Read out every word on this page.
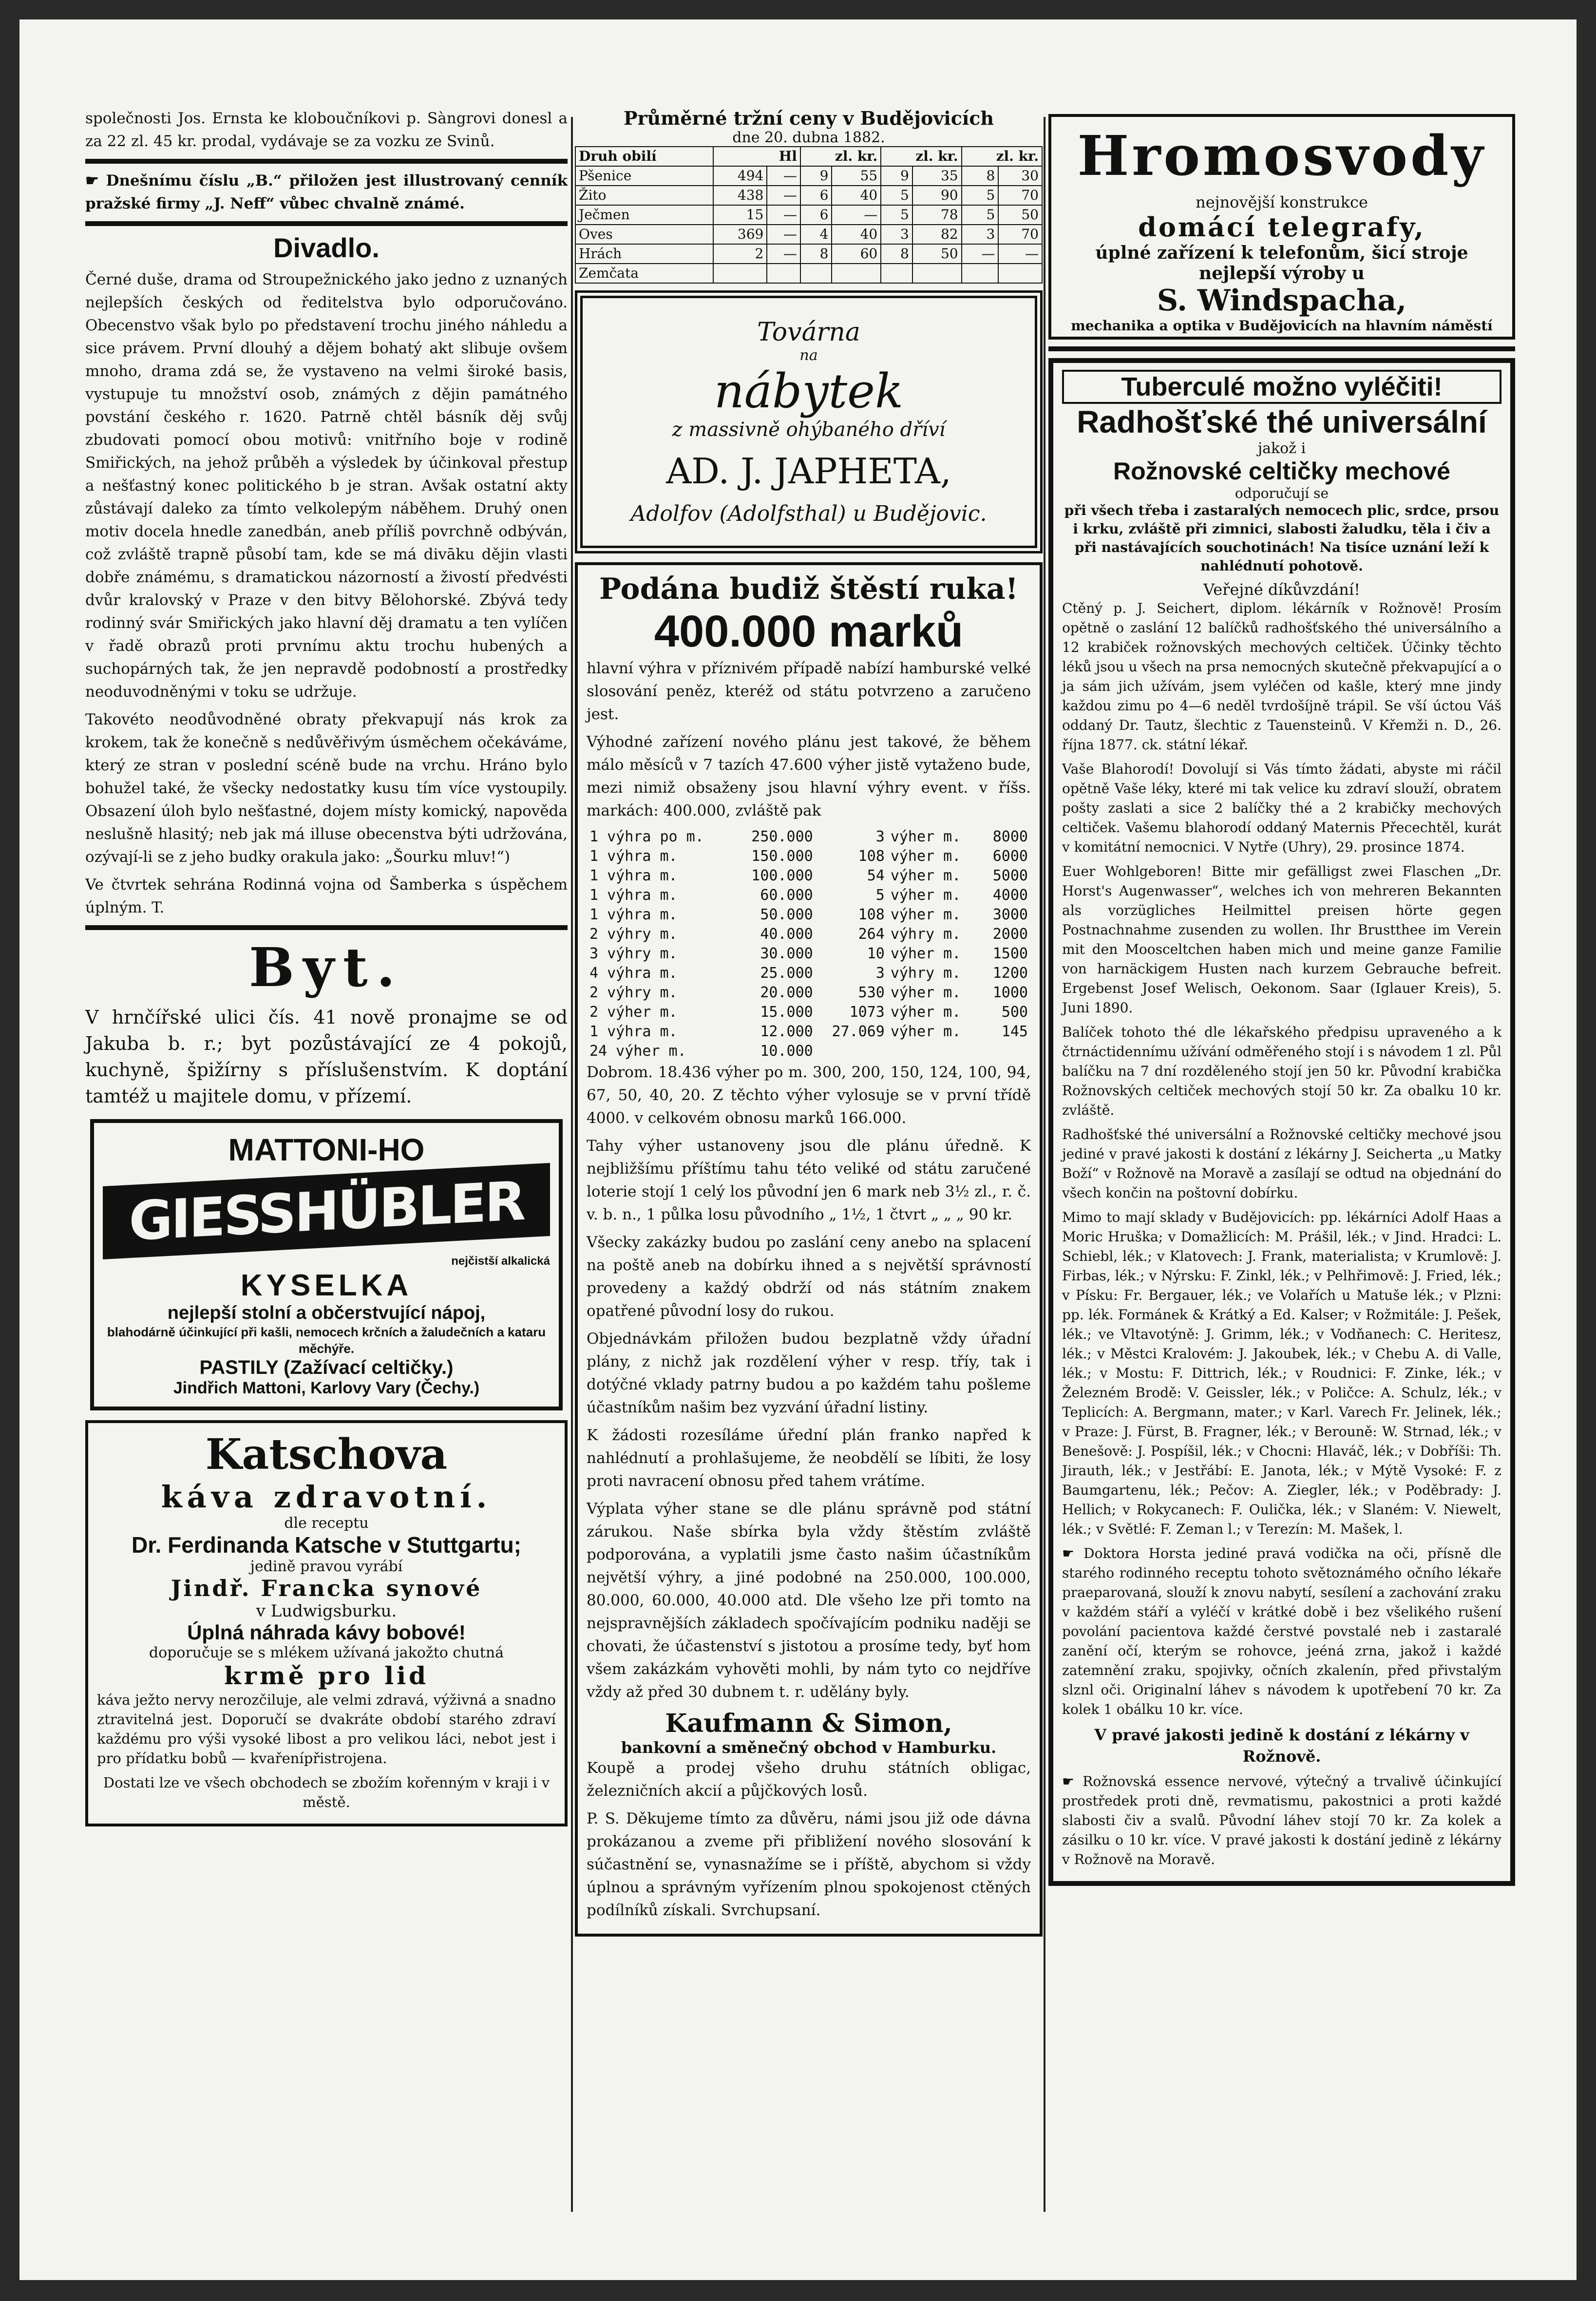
společnosti Jos. Ernsta ke kloboučníkovi p. Sàngrovi donesl a za 22 zl. 45 kr. prodal, vydávaje se za vozku ze Svinů.

☛ Dnešnímu číslu „B.“ přiložen jest illustrovaný cenník pražské firmy „J. Neff“ vůbec chvalně známé.

Divadlo.

Černé duše, drama od Stroupežnického jako jedno z uznaných nejlepších českých od ředitelstva bylo odporučováno. Obecenstvo však bylo po představení trochu jiného náhledu a sice právem. První dlouhý a dějem bohatý akt slibuje ovšem mnoho, drama zdá se, že vystaveno na velmi široké basis, vystupuje tu množství osob, známých z dějin památného povstání českého r. 1620. Patrně chtěl básník děj svůj zbudovati pomocí obou motivů: vnitřního boje v rodině Smiřických, na jehož průběh a výsledek by účinkoval přestup a nešťastný konec politického b je stran. Avšak ostatní akty zůstávají daleko za tímto velkolepým náběhem. Druhý onen motiv docela hnedle zanedbán, aneb příliš povrchně odbýván, což zvláště trapně působí tam, kde se má divāku dějin vlasti dobře známému, s dramatickou názorností a živostí předvésti dvůr kralovský v Praze v den bitvy Bělohorské. Zbývá tedy rodinný svár Smiřických jako hlavní děj dramatu a ten vylíčen v řadě obrazů proti prvnímu aktu trochu hubených a suchopárných tak, že jen nepravdě podobností a prostředky neoduvodněnými v toku se udržuje.

Takovéto neodůvodněné obraty překvapují nás krok za krokem, tak že konečně s nedůvěřivým úsměchem očekáváme, který ze stran v poslední scéně bude na vrchu. Hráno bylo bohužel také, že všecky nedostatky kusu tím více vystoupily. Obsazení úloh bylo nešťastné, dojem místy komický, napověda neslušně hlasitý; neb jak má illuse obecenstva býti udržována, ozývají-li se z jeho budky orakula jako: „Šourku mluv!“)

Ve čtvrtek sehrána Rodinná vojna od Šamberka s úspěchem úplným. T.

Byt.

V hrnčířské ulici čís. 41 nově pronajme se od Jakuba b. r.; byt pozůstávající ze 4 pokojů, kuchyně, špižírny s příslušenstvím. K doptání tamtéž u majitele domu, v přízemí.

MATTONI-HO
GIESSHÜBLER
nejčistší alkalická
KYSELKA
nejlepší stolní a občerstvující nápoj,
blahodárně účinkující při kašli, nemocech krčních a žaludečních a kataru měchýře.
PASTILY (Zažívací celtičky.)
Jindřich Mattoni, Karlovy Vary (Čechy.)
Katschova
káva zdravotní.
dle receptu
Dr. Ferdinanda Katsche v Stuttgartu;
jedině pravou vyrábí
Jindř. Francka synové
v Ludwigsburku.
Úplná náhrada kávy bobové!
doporučuje se s mlékem užívaná jakožto chutná
krmě pro lid

káva ježto nervy nerozčiluje, ale velmi zdravá, výživná a snadno ztravitelná jest. Doporučí se dvakráte období starého zdraví každému pro výši vysoké libost a pro velikou láci, nebot jest i pro přídatku bobů — kvařenípřistrojena.

Dostati lze ve všech obchodech se zbožím kořenným v kraji i v městě.

Průměrné tržní ceny v Budějovicích
dne 20. dubna 1882.
Druh obilí	Hl		zl. kr.		zl. kr.		zl. kr.	
Pšenice	494	—	9	55	9	35	8	30
Žito	438	—	6	40	5	90	5	70
Ječmen	15	—	6	—	5	78	5	50
Oves	369	—	4	40	3	82	3	70
Hrách	2	—	8	60	8	50	—	—
Zemčata								
Továrna
na
nábytek
z massivně ohýbaného dříví
AD. J. JAPHETA,
Adolfov (Adolfsthal) u Budějovic.
Podána budiž štěstí ruka!
400.000 marků

hlavní výhra v příznivém případě nabízí hamburské velké slosování peněz, kteréž od státu potvrzeno a zaručeno jest.

Výhodné zařízení nového plánu jest takové, že během málo měsíců v 7 tazích 47.600 výher jistě vytaženo bude, mezi nimiž obsaženy jsou hlavní výhry event. v říšs. markách: 400.000, zvláště pak

1 výhra po m.	250.000	3	výher m.	8000
1 výhra m.	150.000	108	výher m.	6000
1 výhra m.	100.000	54	výher m.	5000
1 výhra m.	60.000	5	výher m.	4000
1 výhra m.	50.000	108	výher m.	3000
2 výhry m.	40.000	264	výhry m.	2000
3 výhry m.	30.000	10	výher m.	1500
4 výhra m.	25.000	3	výhry m.	1200
2 výhry m.	20.000	530	výher m.	1000
2 výher m.	15.000	1073	výher m.	500
1 výhra m.	12.000	27.069	výher m.	145
24 výher m.	10.000			

Dobrom. 18.436 výher po m. 300, 200, 150, 124, 100, 94, 67, 50, 40, 20. Z těchto výher vylosuje se v první třídě 4000. v celkovém obnosu marků 166.000.

Tahy výher ustanoveny jsou dle plánu úředně. K nejbližšímu příštímu tahu této veliké od státu zaručené loterie stojí 1 celý los původní jen 6 mark neb 3½ zl., r. č. v. b. n., 1 půlka losu původního „ 1½, 1 čtvrt „ „ „ 90 kr.

Všecky zakázky budou po zaslání ceny anebo na splacení na poště aneb na dobírku ihned a s největší správností provedeny a každý obdrží od nás státním znakem opatřené původní losy do rukou.

Objednávkám přiložen budou bezplatně vždy úřadní plány, z nichž jak rozdělení výher v resp. tříy, tak i dotýčné vklady patrny budou a po každém tahu pošleme účastníkům našim bez vyzvání úřadní listiny.

K žádosti rozesíláme úřední plán franko napřed k nahlédnutí a prohlašujeme, že neobdělí se líbiti, že losy proti navracení obnosu před tahem vrátíme.

Výplata výher stane se dle plánu správně pod státní zárukou. Naše sbírka byla vždy štěstím zvláště podporována, a vyplatili jsme často našim účastníkům největší výhry, a jiné podobné na 250.000, 100.000, 80.000, 60.000, 40.000 atd. Dle všeho lze při tomto na nejspravnějších základech spočívajícím podniku naději se chovati, že účastenství s jistotou a prosíme tedy, byť hom všem zakázkám vyhověti mohli, by nám tyto co nejdříve vždy až před 30 dubnem t. r. udělány byly.

Kaufmann & Simon,
bankovní a směnečný obchod v Hamburku.

Koupě a prodej všeho druhu státních obligac, železničních akcií a půjčkových losů.

P. S. Děkujeme tímto za důvěru, námi jsou již ode dávna prokázanou a zveme při přibližení nového slosování k súčastnění se, vynasnažíme se i příště, abychom si vždy úplnou a správným vyřízením plnou spokojenost ctěných podílníků získali. Svrchupsaní.

Hromosvody
nejnovější konstrukce
domácí telegrafy,
úplné zařízení k telefonům, šicí stroje nejlepší výroby u
S. Windspacha,
mechanika a optika v Budějovicích na hlavním náměstí
Tuberculé možno vyléčiti!
Radhošťské thé universální
jakož i
Rožnovské celtičky mechové
odporučují se

při všech třeba i zastaralých nemocech plic, srdce, prsou i krku, zvláště při zimnici, slabosti žaludku, těla i čiv a při nastávajících souchotinách! Na tisíce uznání leží k nahlédnutí pohotově.

Veřejné díkůvzdání!

Ctěný p. J. Seichert, diplom. lékárník v Rožnově! Prosím opětně o zaslání 12 balíčků radhošťského thé universálního a 12 krabiček rožnovských mechových celtiček. Účinky těchto léků jsou u všech na prsa nemocných skutečně překvapující a o ja sám jich užívám, jsem vyléčen od kašle, který mne jindy každou zimu po 4—6 neděl tvrdošíjně trápil. Se vší úctou Váš oddaný Dr. Tautz, šlechtic z Tauensteinů. V Křemži n. D., 26. října 1877. ck. státní lékař.

Vaše Blahorodí! Dovolují si Vás tímto žádati, abyste mi ráčil opětně Vaše léky, které mi tak velice ku zdraví slouží, obratem pošty zaslati a sice 2 balíčky thé a 2 krabičky mechových celtiček. Vašemu blahorodí oddaný Maternis Přecechtěl, kurát v komitátní nemocnici. V Nytře (Uhry), 29. prosince 1874.

Euer Wohlgeboren! Bitte mir gefälligst zwei Flaschen „Dr. Horst's Augenwasser“, welches ich von mehreren Bekannten als vorzügliches Heilmittel preisen hörte gegen Postnachnahme zusenden zu wollen. Ihr Brustthee im Verein mit den Moosceltchen haben mich und meine ganze Familie von harnäckigem Husten nach kurzem Gebrauche befreit. Ergebenst Josef Welisch, Oekonom. Saar (Iglauer Kreis), 5. Juni 1890.

Balíček tohoto thé dle lékařského předpisu upraveného a k čtrnáctidennímu užívání odměřeného stojí i s návodem 1 zl. Půl balíčku na 7 dní rozděleného stojí jen 50 kr. Původní krabička Rožnovských celtiček mechových stojí 50 kr. Za obalku 10 kr. zvláště.

Radhošťské thé universální a Rožnovské celtičky mechové jsou jediné v pravé jakosti k dostání z lékárny J. Seicherta „u Matky Boží“ v Rožnově na Moravě a zasílají se odtud na objednání do všech končin na poštovní dobírku.

Mimo to mají sklady v Budějovicích: pp. lékárníci Adolf Haas a Moric Hruška; v Domažlicích: M. Prášil, lék.; v Jind. Hradci: L. Schiebl, lék.; v Klatovech: J. Frank, materialista; v Krumlově: J. Firbas, lék.; v Nýrsku: F. Zinkl, lék.; v Pelhřimově: J. Fried, lék.; v Písku: Fr. Bergauer, lék.; ve Volařích u Matuše lék.; v Plzni: pp. lék. Formánek & Krátký a Ed. Kalser; v Rožmitále: J. Pešek, lék.; ve Vltavotýně: J. Grimm, lék.; v Vodňanech: C. Heritesz, lék.; v Městci Kralovém: J. Jakoubek, lék.; v Chebu A. di Valle, lék.; v Mostu: F. Dittrich, lék.; v Roudnici: F. Zinke, lék.; v Železném Brodě: V. Geissler, lék.; v Poličce: A. Schulz, lék.; v Teplicích: A. Bergmann, mater.; v Karl. Varech Fr. Jelinek, lék.; v Praze: J. Fürst, B. Fragner, lék.; v Berouně: W. Strnad, lék.; v Benešově: J. Pospíšil, lék.; v Chocni: Hlaváč, lék.; v Dobříši: Th. Jirauth, lék.; v Jestřábí: E. Janota, lék.; v Mýtě Vysoké: F. z Baumgartenu, lék.; Pečov: A. Ziegler, lék.; v Poděbrady: J. Hellich; v Rokycanech: F. Oulička, lék.; v Slaném: V. Niewelt, lék.; v Světlé: F. Zeman l.; v Terezín: M. Mašek, l.

☛ Doktora Horsta jediné pravá vodička na oči, přísně dle starého rodinného receptu tohoto světoznámého očního lékaře praeparovaná, slouží k znovu nabytí, sesílení a zachování zraku v každém stáří a vyléčí v krátké době i bez všelikého rušení povolání pacientova každé čerstvé povstalé neb i zastaralé zanění očí, kterým se rohovce, jeéná zrna, jakož i každé zatemnění zraku, spojivky, očních zkalenín, před přivstalým slznl oči. Originalní láhev s návodem k upotřebení 70 kr. Za kolek 1 obálku 10 kr. více.

V pravé jakosti jedině k dostání z lékárny v Rožnově.

☛ Rožnovská essence nervové, výtečný a trvalivě účinkující prostředek proti dně, revmatismu, pakostnici a proti každé slabosti čiv a svalů. Původní láhev stojí 70 kr. Za kolek a zásilku o 10 kr. více. V pravé jakosti k dostání jedině z lékárny v Rožnově na Moravě.
